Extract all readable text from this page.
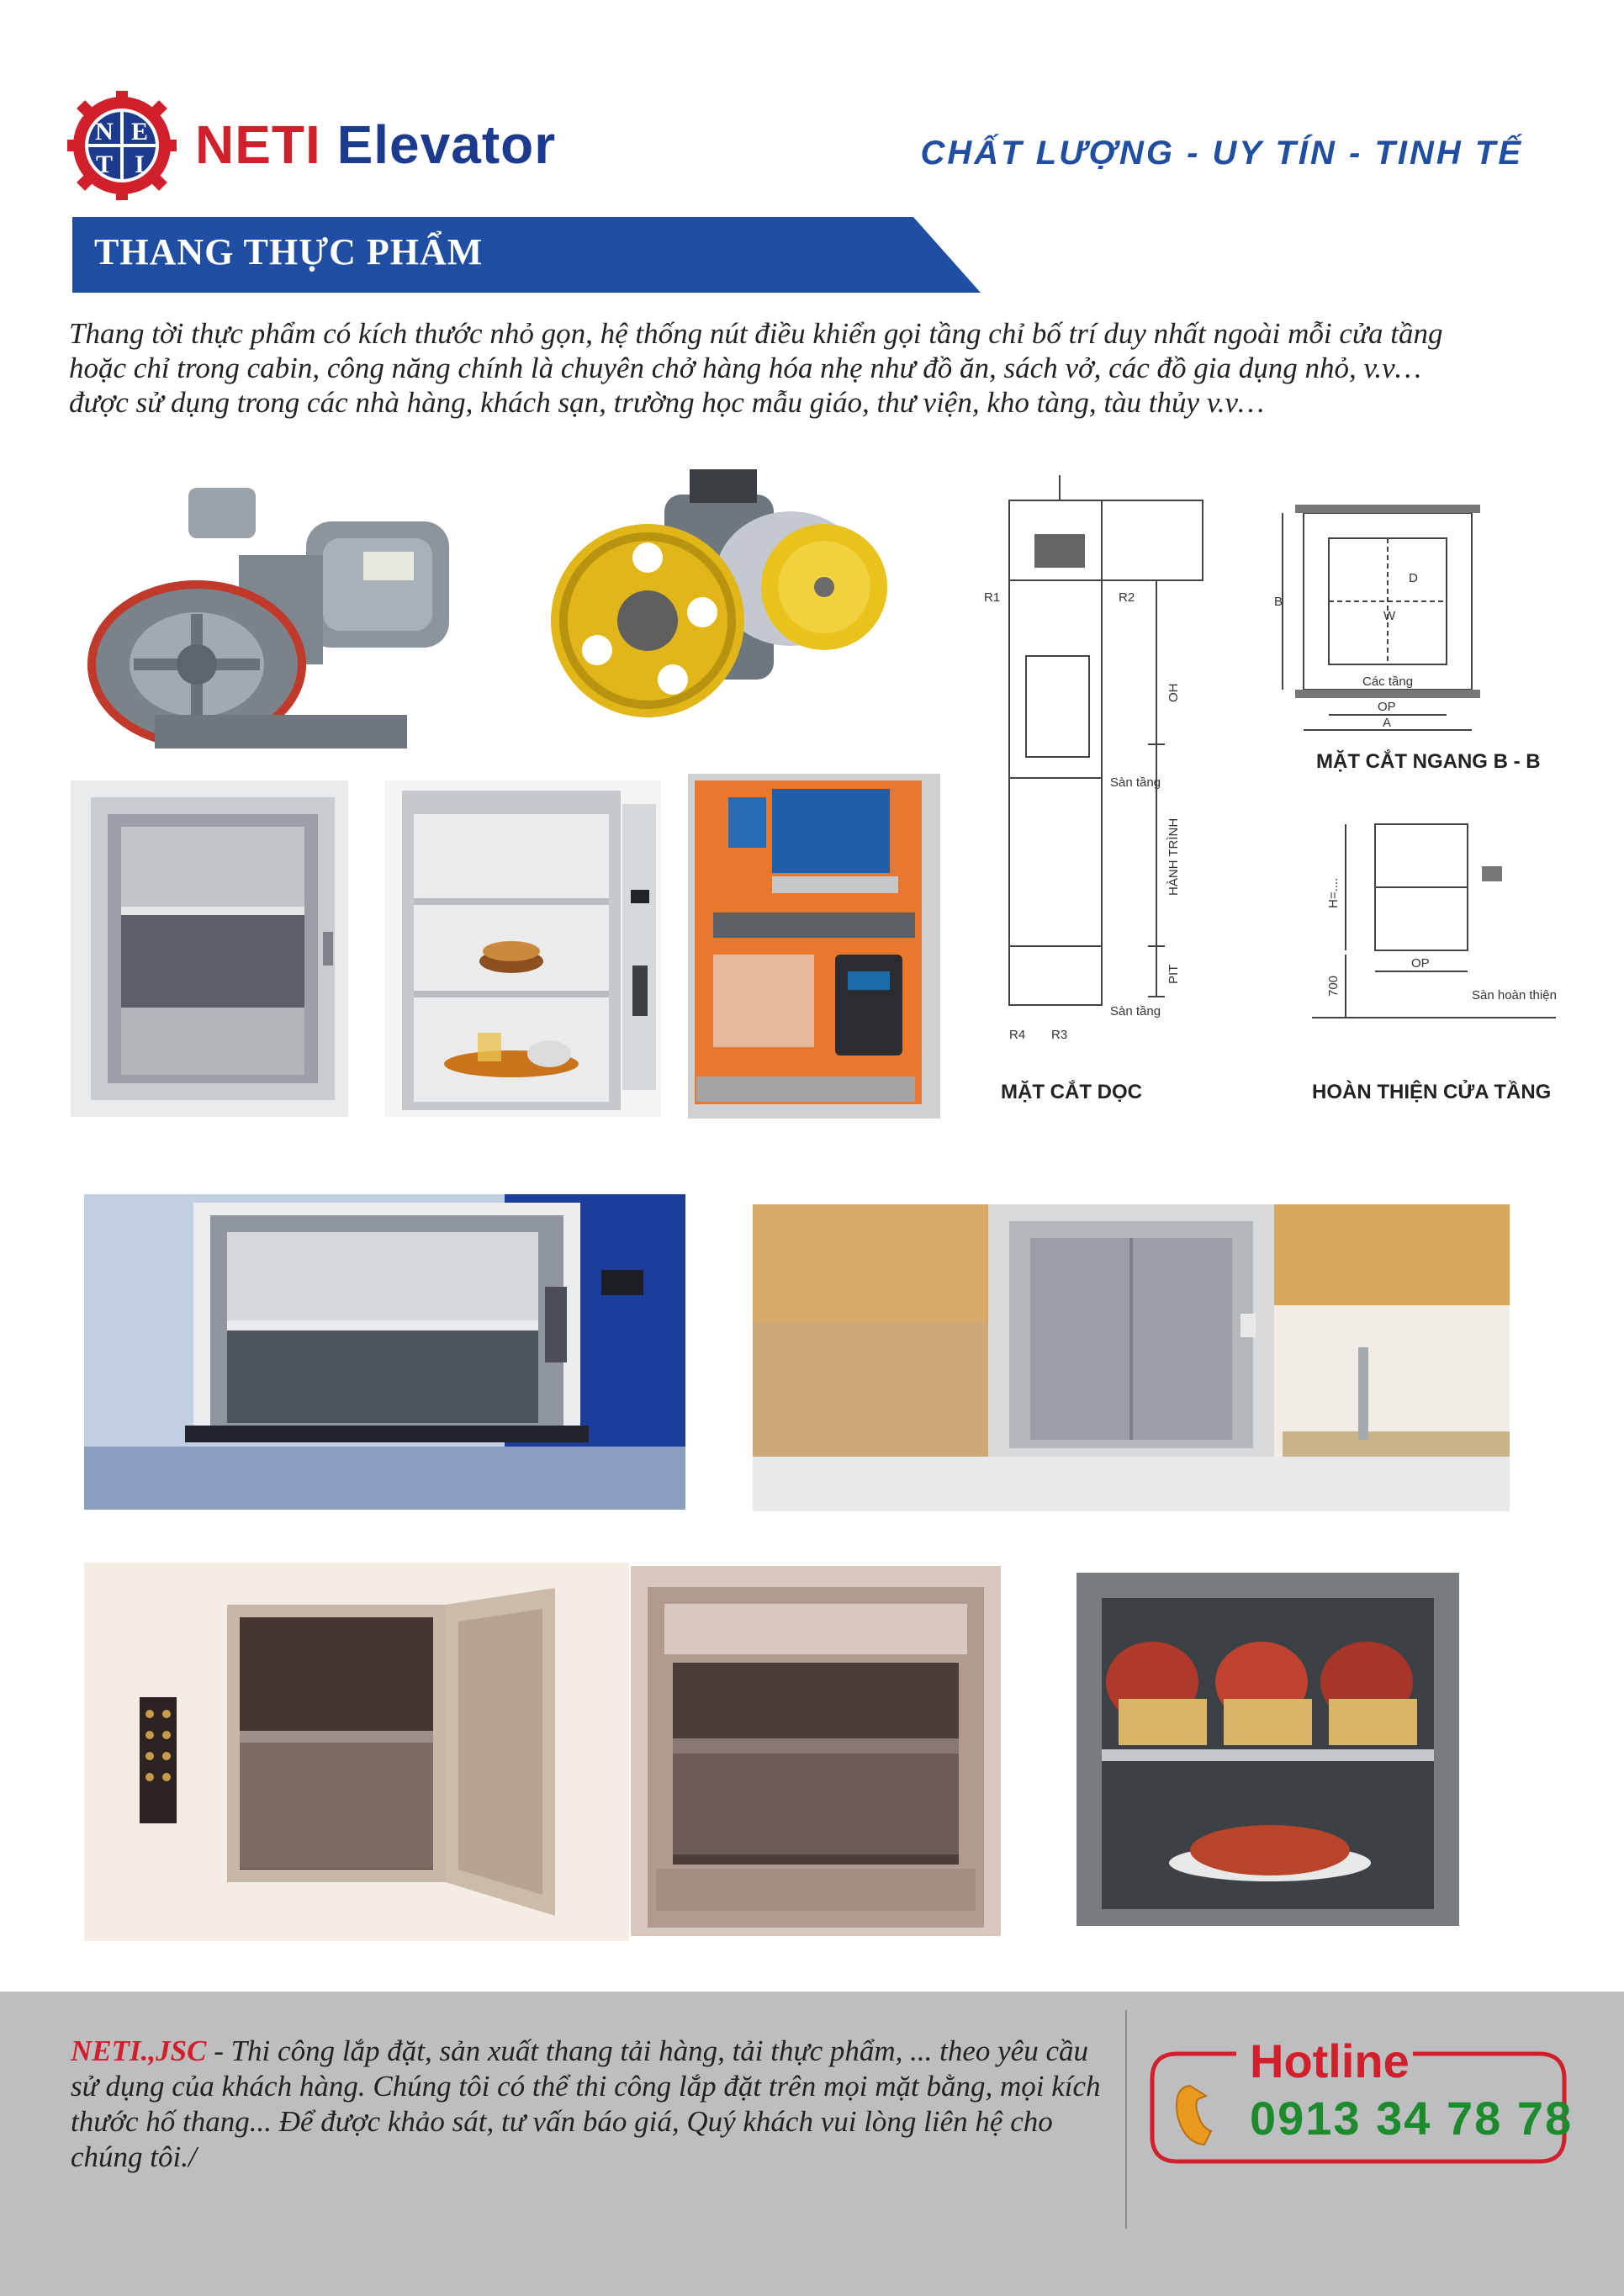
N E
T I NETI Elevator	CHẤT LƯỢNG - UY TÍN - TINH TẾ
THANG THỰC PHẨM
Thang tời thực phẩm có kích thước nhỏ gọn, hệ thống nút điều khiển gọi tầng chỉ bố trí duy nhất ngoài mỗi cửa tầng
hoặc chỉ trong cabin, công năng chính là chuyên chở hàng hóa nhẹ như đồ ăn, sách vở, các đồ gia dụng nhỏ, v.v…
được sử dụng trong các nhà hàng, khách sạn, trường học mẫu giáo, thư viện, kho tàng, tàu thủy v.v…
R1	R2
Sàn tầng
Sàn tầng
OH
HÀNH TRÌNH
PIT
R4 R3
MẶT CẮT DỌC
B
W
D
Các tầng
OP
A
MẶT CẮT NGANG B - B
H=....
700
OP
Sàn hoàn thiện
HOÀN THIỆN CỬA TẦNG
NETI.,JSC - Thi công lắp đặt, sản xuất thang tải hàng, tải thực phẩm, ... theo yêu cầu sử dụng của khách hàng. Chúng tôi có thể thi công lắp đặt trên mọi mặt bằng, mọi kích thước hố thang... Để được khảo sát, tư vấn báo giá, Quý khách vui lòng liên hệ cho chúng tôi./
Hotline
0913 34 78 78
